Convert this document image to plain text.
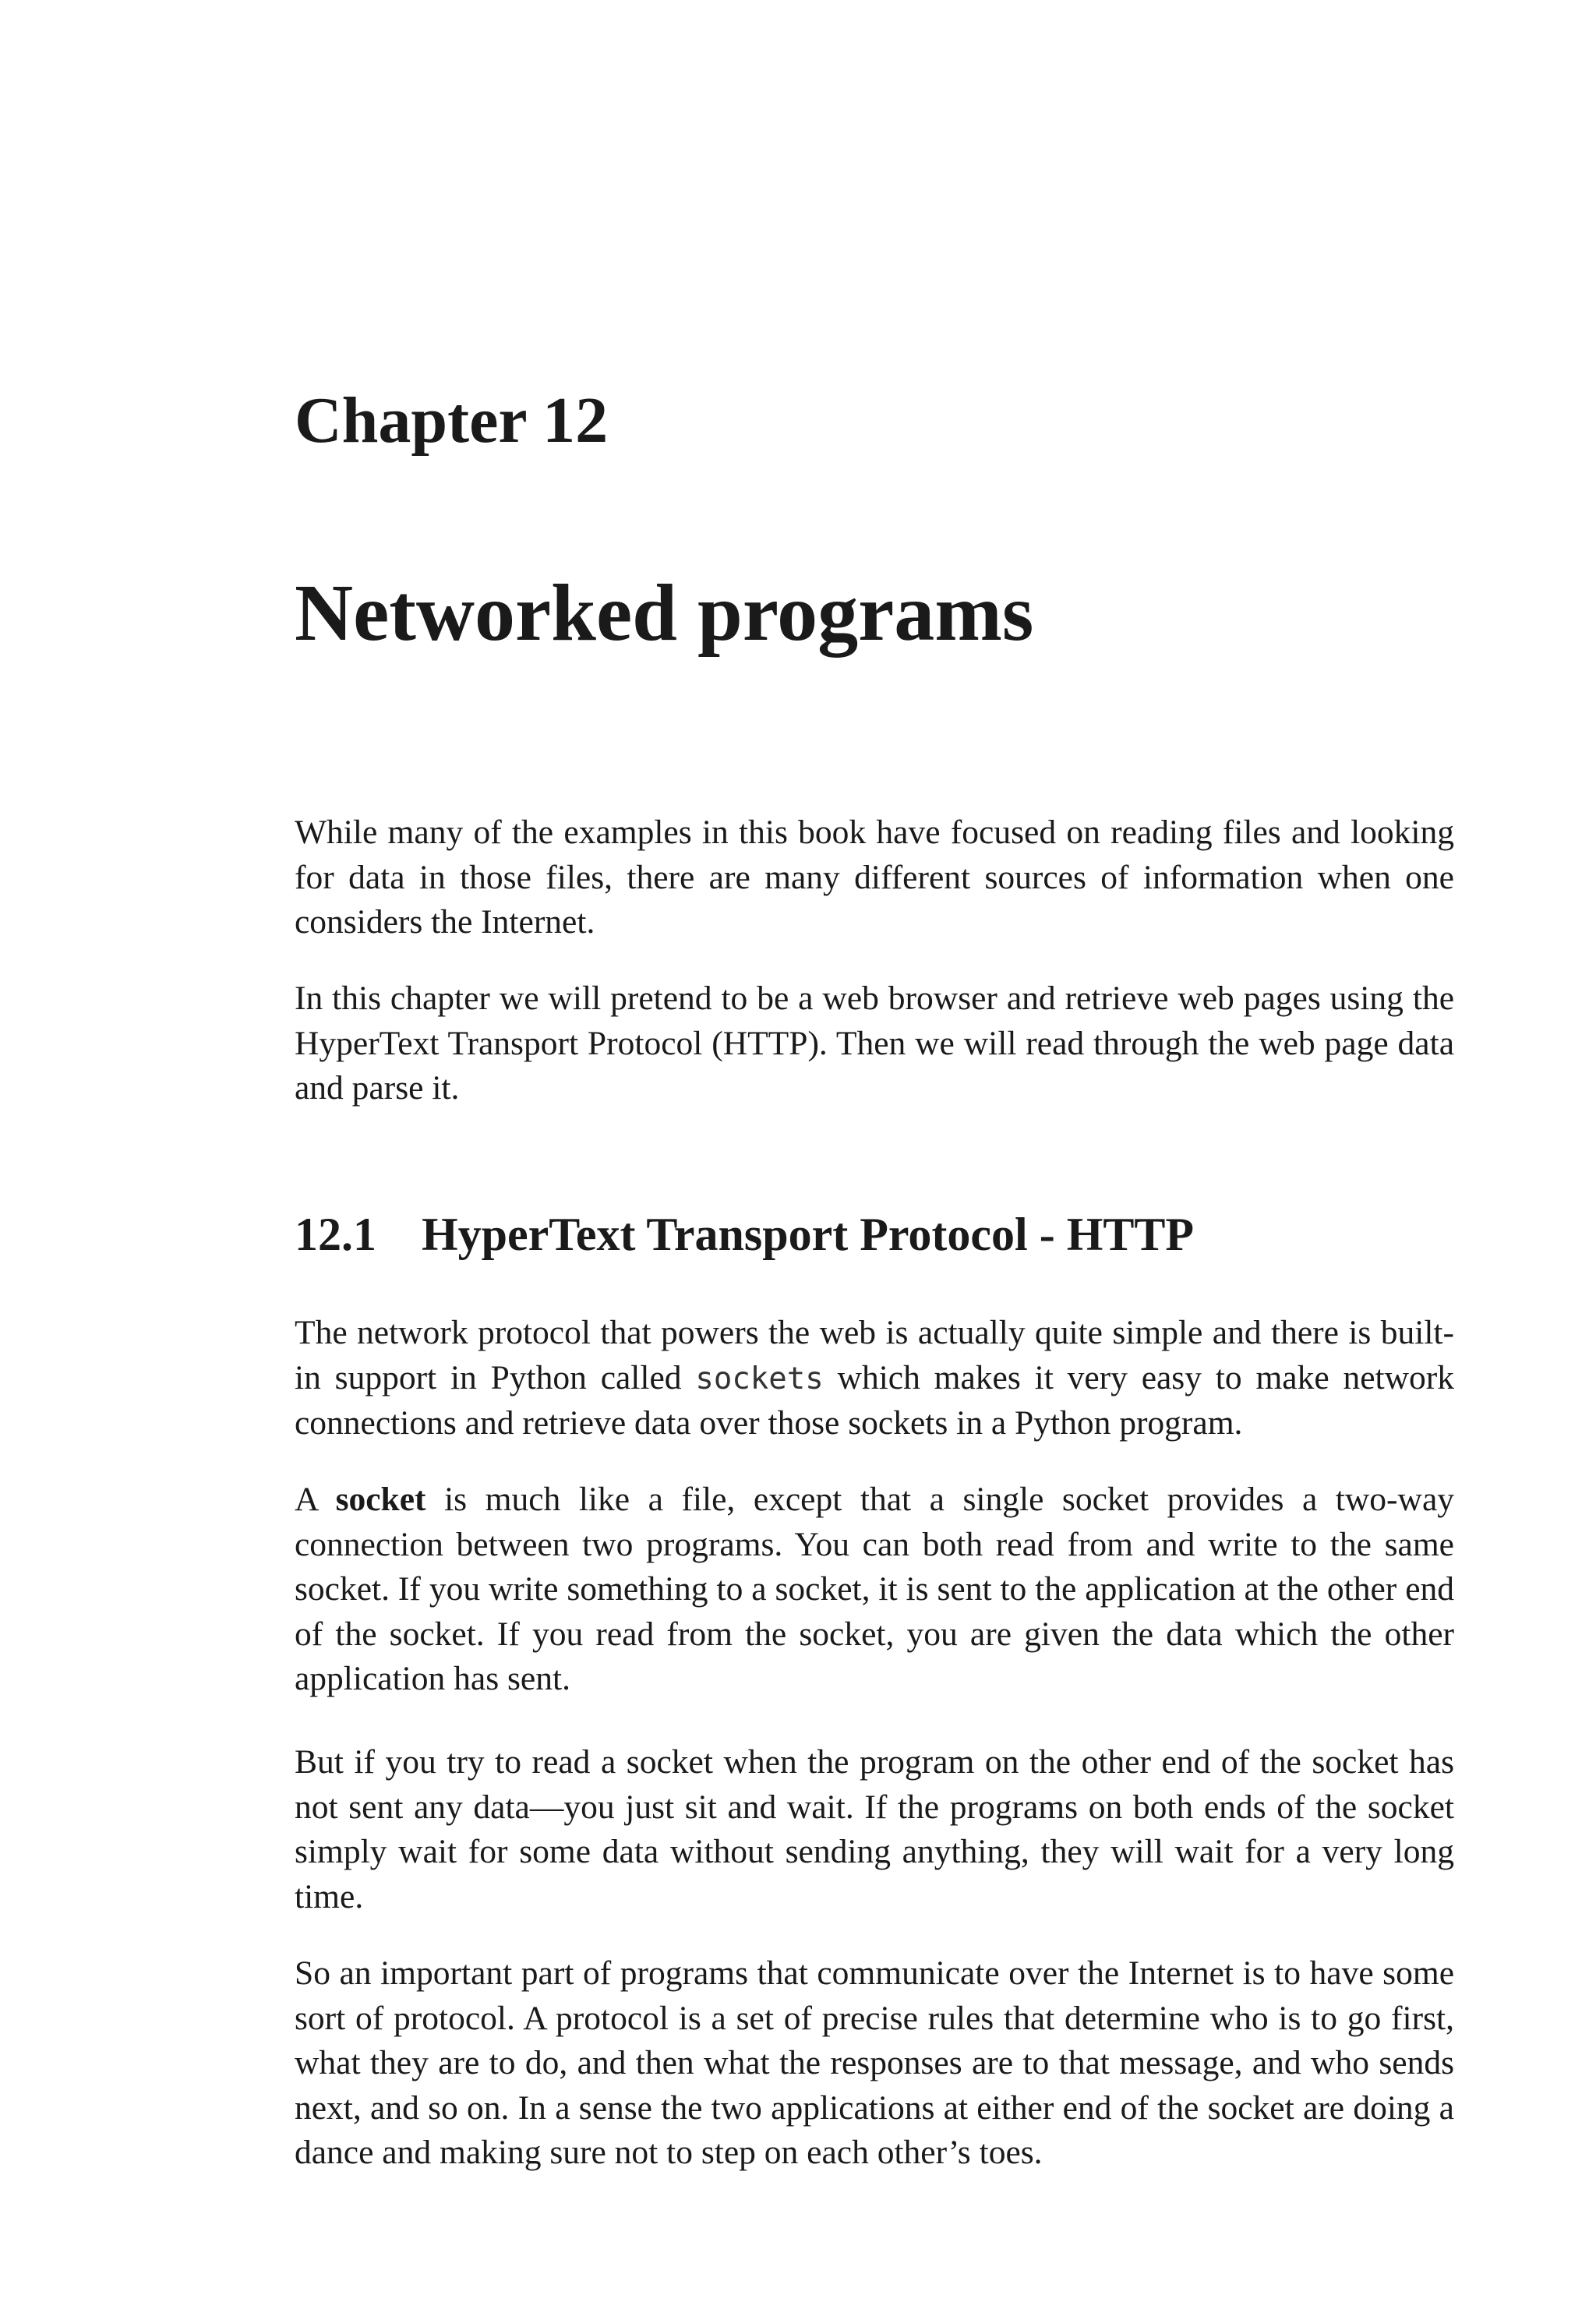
Chapter 12
Networked programs

While many of the examples in this book have focused on reading files and looking for data in those files, there are many different sources of information when one considers the Internet.

In this chapter we will pretend to be a web browser and retrieve web pages using the HyperText Transport Protocol (HTTP). Then we will read through the web page data and parse it.

12.1 HyperText Transport Protocol - HTTP

The network protocol that powers the web is actually quite simple and there is built-in support in Python called sockets which makes it very easy to make network connections and retrieve data over those sockets in a Python program.

A socket is much like a file, except that a single socket provides a two-way connection between two programs. You can both read from and write to the same socket. If you write something to a socket, it is sent to the application at the other end of the socket. If you read from the socket, you are given the data which the other application has sent.

But if you try to read a socket when the program on the other end of the socket has not sent any data—you just sit and wait. If the programs on both ends of the socket simply wait for some data without sending anything, they will wait for a very long time.

So an important part of programs that communicate over the Internet is to have some sort of protocol. A protocol is a set of precise rules that determine who is to go first, what they are to do, and then what the responses are to that message, and who sends next, and so on. In a sense the two applications at either end of the socket are doing a dance and making sure not to step on each other’s toes.
